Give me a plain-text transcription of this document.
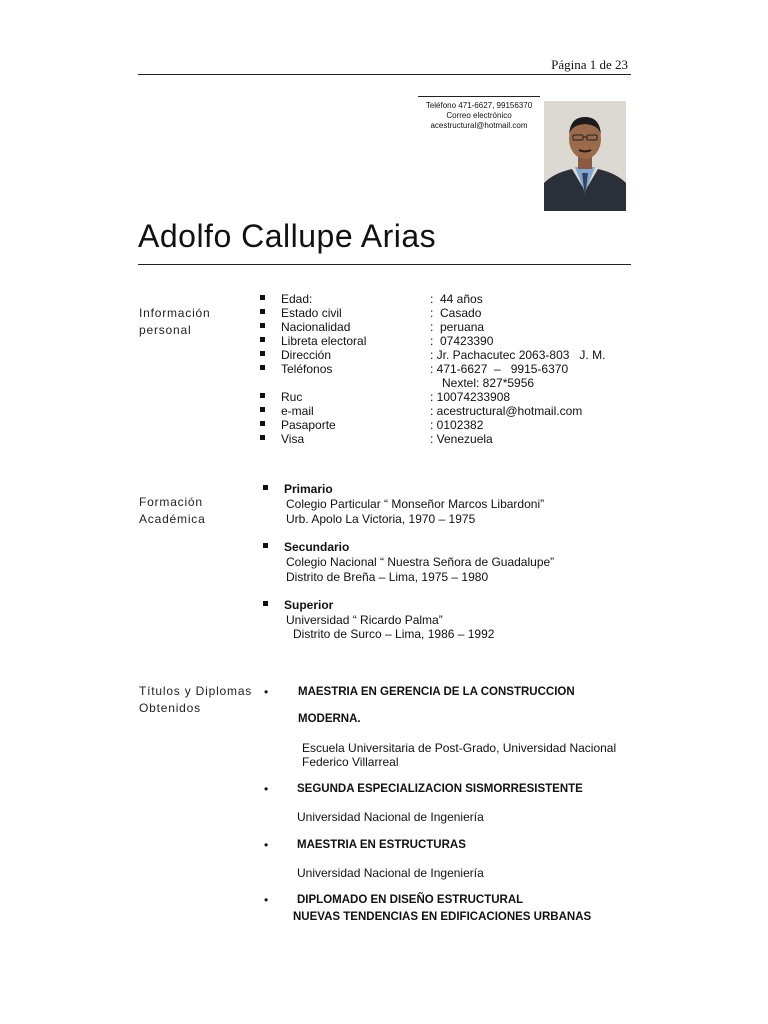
Página 1 de 23
Teléfono 471-6627, 99156370
Correo electrónico
acestructural@hotmail.com
Adolfo Callupe Arias
Información
personal
Edad:	:  44 años
Estado civil	:  Casado
Nacionalidad	:  peruana
Libreta electoral	:  07423390
Dirección	: Jr. Pachacutec 2063-803   J. M.
Teléfonos	: 471-6627  –   9915-6370
Nextel: 827*5956
Ruc	: 10074233908
e-mail	: acestructural@hotmail.com
Pasaporte	: 0102382
Visa	: Venezuela
Formación
Académica
Primario
Colegio Particular “ Monseñor Marcos Libardoni”
Urb. Apolo La Victoria, 1970 – 1975
Secundario
Colegio Nacional “ Nuestra Señora de Guadalupe”
Distrito de Breña – Lima, 1975 – 1980
Superior
Universidad “ Ricardo Palma”
Distrito de Surco – Lima, 1986 – 1992
Títulos y Diplomas
Obtenidos
•	MAESTRIA EN GERENCIA DE LA CONSTRUCCION
MODERNA.
Escuela Universitaria de Post-Grado, Universidad Nacional
Federico Villarreal
•	SEGUNDA ESPECIALIZACION SISMORRESISTENTE
Universidad Nacional de Ingeniería
•	MAESTRIA EN ESTRUCTURAS
Universidad Nacional de Ingeniería
•	DIPLOMADO EN DISEÑO ESTRUCTURAL
NUEVAS TENDENCIAS EN EDIFICACIONES URBANAS
